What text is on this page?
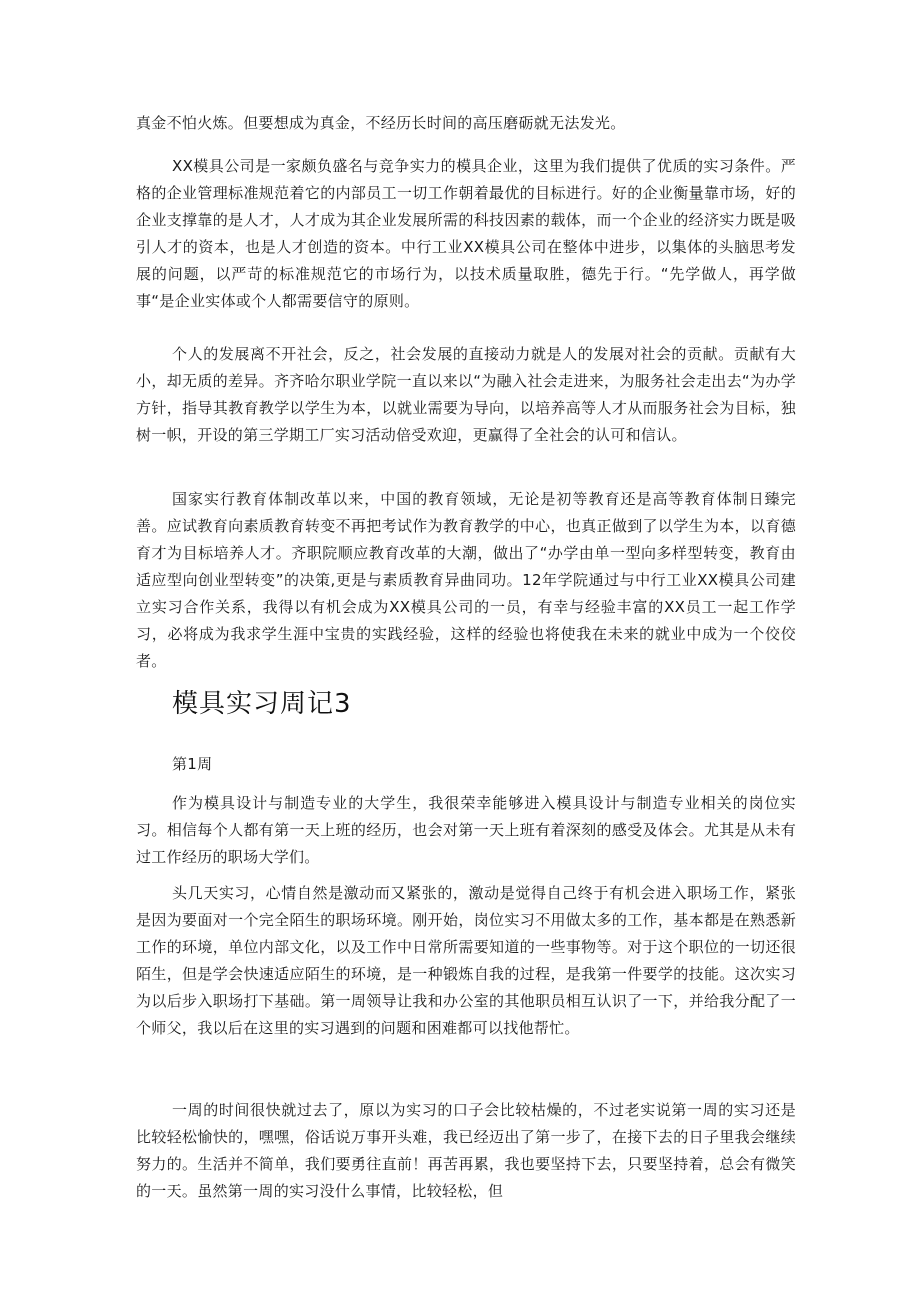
真金不怕火炼。但要想成为真金，不经历长时间的高压磨砺就无法发光。

XX模具公司是一家颇负盛名与竞争实力的模具企业，这里为我们提供了优质的实习条件。严格的企业管理标准规范着它的内部员工一切工作朝着最优的目标进行。好的企业衡量靠市场，好的企业支撑靠的是人才，人才成为其企业发展所需的科技因素的载体，而一个企业的经济实力既是吸引人才的资本，也是人才创造的资本。中行工业XX模具公司在整体中进步，以集体的头脑思考发展的问题，以严苛的标准规范它的市场行为，以技术质量取胜，德先于行。“先学做人，再学做事“是企业实体或个人都需要信守的原则。

个人的发展离不开社会，反之，社会发展的直接动力就是人的发展对社会的贡献。贡献有大小，却无质的差异。齐齐哈尔职业学院一直以来以“为融入社会走进来，为服务社会走出去“为办学方针，指导其教育教学以学生为本，以就业需要为导向，以培养高等人才从而服务社会为目标，独树一帜，开设的第三学期工厂实习活动倍受欢迎，更赢得了全社会的认可和信认。

国家实行教育体制改革以来，中国的教育领域，无论是初等教育还是高等教育体制日臻完善。应试教育向素质教育转变不再把考试作为教育教学的中心，也真正做到了以学生为本，以育德育才为目标培养人才。齐职院顺应教育改革的大潮，做出了“办学由单一型向多样型转变，教育由适应型向创业型转变”的决策,更是与素质教育异曲同功。12年学院通过与中行工业XX模具公司建立实习合作关系，我得以有机会成为XX模具公司的一员，有幸与经验丰富的XX员工一起工作学习，必将成为我求学生涯中宝贵的实践经验，这样的经验也将使我在未来的就业中成为一个佼佼者。

模具实习周记3

第1周

作为模具设计与制造专业的大学生，我很荣幸能够进入模具设计与制造专业相关的岗位实习。相信每个人都有第一天上班的经历，也会对第一天上班有着深刻的感受及体会。尤其是从未有过工作经历的职场大学们。

头几天实习，心情自然是激动而又紧张的，激动是觉得自己终于有机会进入职场工作，紧张是因为要面对一个完全陌生的职场环境。刚开始，岗位实习不用做太多的工作，基本都是在熟悉新工作的环境，单位内部文化，以及工作中日常所需要知道的一些事物等。对于这个职位的一切还很陌生，但是学会快速适应陌生的环境，是一种锻炼自我的过程，是我第一件要学的技能。这次实习为以后步入职场打下基础。第一周领导让我和办公室的其他职员相互认识了一下，并给我分配了一个师父，我以后在这里的实习遇到的问题和困难都可以找他帮忙。

一周的时间很快就过去了，原以为实习的口子会比较枯燥的，不过老实说第一周的实习还是比较轻松愉快的，嘿嘿，俗话说万事开头难，我已经迈出了第一步了，在接下去的日子里我会继续努力的。生活并不简单，我们要勇往直前！再苦再累，我也要坚持下去，只要坚持着，总会有微笑的一天。虽然第一周的实习没什么事情，比较轻松，但
